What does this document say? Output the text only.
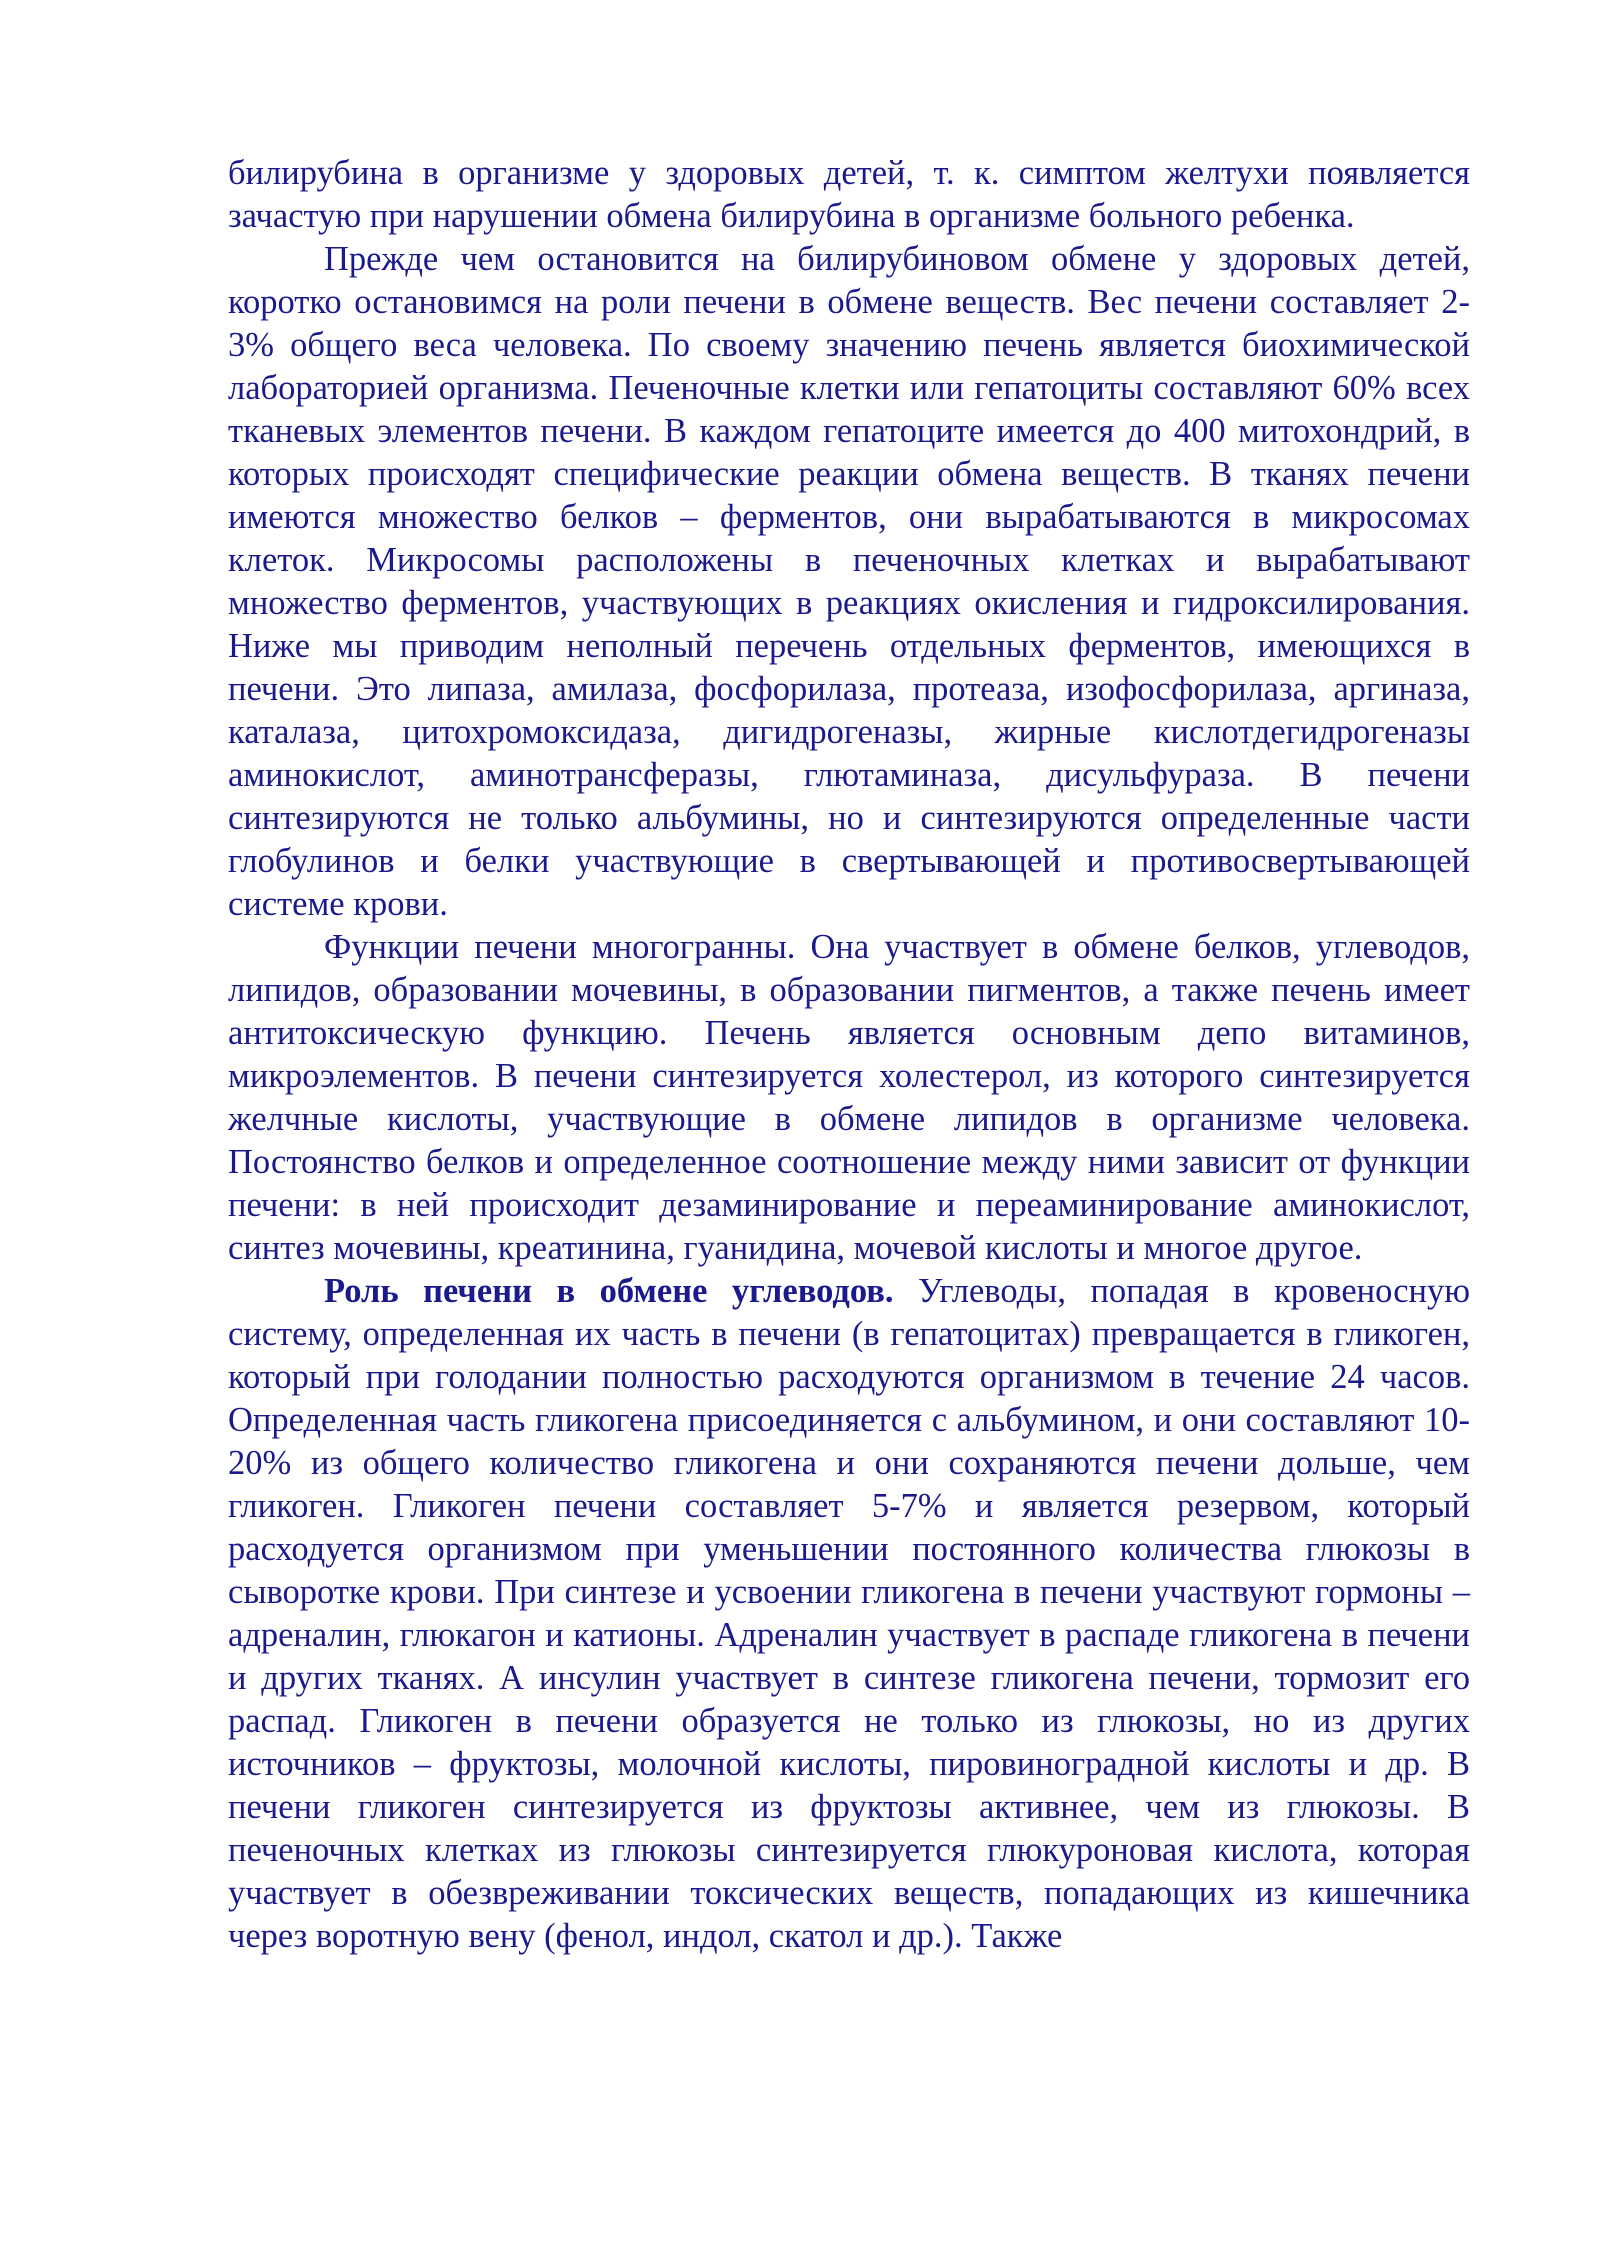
билирубина в организме у здоровых детей, т. к. симптом желтухи появляется зачастую при нарушении обмена билирубина в организме больного ребенка.

Прежде чем остановится на билирубиновом обмене у здоровых детей, коротко остановимся на роли печени в обмене веществ. Вес печени составляет 2-3% общего веса человека. По своему значению печень является биохимической лабораторией организма. Печеночные клетки или гепатоциты составляют 60% всех тканевых элементов печени. В каждом гепатоците имеется до 400 митохондрий, в которых происходят специфические реакции обмена веществ. В тканях печени имеются множество белков – ферментов, они вырабатываются в микросомах клеток. Микросомы расположены в печеночных клетках и вырабатывают множество ферментов, участвующих в реакциях окисления и гидроксилирования. Ниже мы приводим неполный перечень отдельных ферментов, имеющихся в печени. Это липаза, амилаза, фосфорилаза, протеаза, изофосфорилаза, аргиназа, каталаза, цитохромоксидаза, дигидрогеназы, жирные кислотдегидрогеназы аминокислот, аминотрансферазы, глютаминаза, дисульфураза. В печени синтезируются не только альбумины, но и синтезируются определенные части глобулинов и белки участвующие в свертывающей и противосвертывающей системе крови.

Функции печени многогранны. Она участвует в обмене белков, углеводов, липидов, образовании мочевины, в образовании пигментов, а также печень имеет антитоксическую функцию. Печень является основным депо витаминов, микроэлементов. В печени синтезируется холестерол, из которого синтезируется желчные кислоты, участвующие в обмене липидов в организме человека. Постоянство белков и определенное соотношение между ними зависит от функции печени: в ней происходит дезаминирование и переаминирование аминокислот, синтез мочевины, креатинина, гуанидина, мочевой кислоты и многое другое.

Роль печени в обмене углеводов. Углеводы, попадая в кровеносную систему, определенная их часть в печени (в гепатоцитах) превращается в гликоген, который при голодании полностью расходуются организмом в течение 24 часов. Определенная часть гликогена присоединяется с альбумином, и они составляют 10-20% из общего количество гликогена и они сохраняются печени дольше, чем гликоген. Гликоген печени составляет 5-7% и является резервом, который расходуется организмом при уменьшении постоянного количества глюкозы в сыворотке крови. При синтезе и усвоении гликогена в печени участвуют гормоны – адреналин, глюкагон и катионы. Адреналин участвует в распаде гликогена в печени и других тканях. А инсулин участвует в синтезе гликогена печени, тормозит его распад. Гликоген в печени образуется не только из глюкозы, но из других источников – фруктозы, молочной кислоты, пировиноградной кислоты и др. В печени гликоген синтезируется из фруктозы активнее, чем из глюкозы. В печеночных клетках из глюкозы синтезируется глюкуроновая кислота, которая участвует в обезвреживании токсических веществ, попадающих из кишечника через воротную вену (фенол, индол, скатол и др.). Также
